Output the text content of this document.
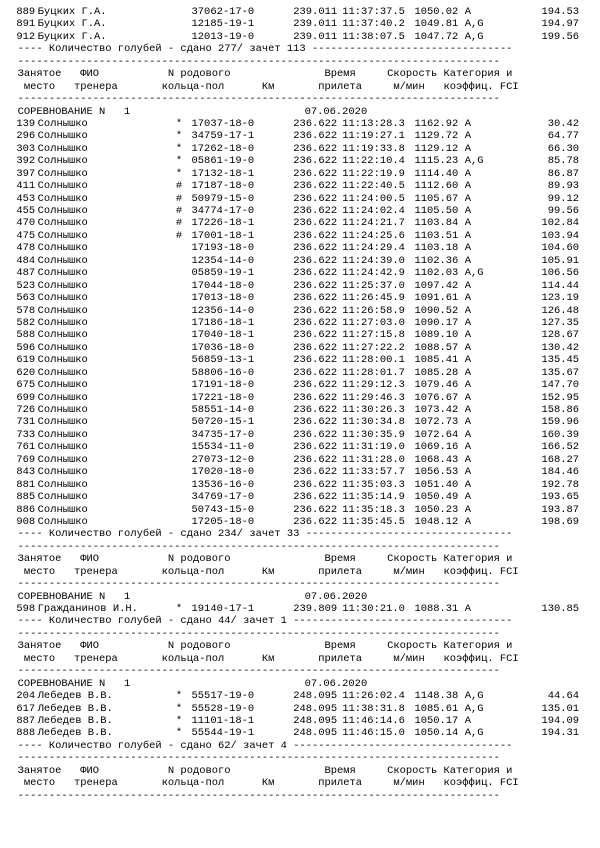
889 Буцких Г.А.	37062-17-0	239.011 11:37:37.5 1050.02 A	194.53
891 Буцких Г.А.	12185-19-1	239.011 11:37:40.2 1049.81 A,G	194.97
912 Буцких Г.А.	12013-19-0	239.011 11:38:07.5 1047.72 A,G	199.56
---- Количество голубей - сдано 277/ зачет 113 --------------------------------
-----------------------------------------------------------------------------
Занятое   ФИО           N родового               Время     Скорость Категория и
место   тренера       кольца-пол      Км       прилета     м/мин   коэффиц. FCI
-----------------------------------------------------------------------------
СОРЕВНОВАНИЕ N   1	07.06.2020
139 Солнышко	* 17037-18-0	236.622 11:13:28.3 1162.92 A	30.42
296 Солнышко	* 34759-17-1	236.622 11:19:27.1 1129.72 A	64.77
303 Солнышко	* 17262-18-0	236.622 11:19:33.8 1129.12 A	66.30
392 Солнышко	* 05861-19-0	236.622 11:22:10.4 1115.23 A,G	85.78
397 Солнышко	* 17132-18-1	236.622 11:22:19.9 1114.40 A	86.87
411 Солнышко	# 17187-18-0	236.622 11:22:40.5 1112.60 A	89.93
453 Солнышко	# 50979-15-0	236.622 11:24:00.5 1105.67 A	99.12
455 Солнышко	# 34774-17-0	236.622 11:24:02.4 1105.50 A	99.56
470 Солнышко	# 17226-18-1	236.622 11:24:21.7 1103.84 A	102.84
475 Солнышко	# 17001-18-1	236.622 11:24:25.6 1103.51 A	103.94
478 Солнышко	17193-18-0	236.622 11:24:29.4 1103.18 A	104.60
484 Солнышко	12354-14-0	236.622 11:24:39.0 1102.36 A	105.91
487 Солнышко	05859-19-1	236.622 11:24:42.9 1102.03 A,G	106.56
523 Солнышко	17044-18-0	236.622 11:25:37.0 1097.42 A	114.44
563 Солнышко	17013-18-0	236.622 11:26:45.9 1091.61 A	123.19
578 Солнышко	12356-14-0	236.622 11:26:58.9 1090.52 A	126.48
582 Солнышко	17186-18-1	236.622 11:27:03.0 1090.17 A	127.35
588 Солнышко	17040-18-1	236.622 11:27:15.8 1089.10 A	128.67
596 Солнышко	17036-18-0	236.622 11:27:22.2 1088.57 A	130.42
619 Солнышко	56859-13-1	236.622 11:28:00.1 1085.41 A	135.45
620 Солнышко	58806-16-0	236.622 11:28:01.7 1085.28 A	135.67
675 Солнышко	17191-18-0	236.622 11:29:12.3 1079.46 A	147.70
699 Солнышко	17221-18-0	236.622 11:29:46.3 1076.67 A	152.95
726 Солнышко	58551-14-0	236.622 11:30:26.3 1073.42 A	158.86
731 Солнышко	50720-15-1	236.622 11:30:34.8 1072.73 A	159.96
733 Солнышко	34735-17-0	236.622 11:30:35.9 1072.64 A	160.39
761 Солнышко	15534-11-0	236.622 11:31:19.0 1069.16 A	166.52
769 Солнышко	27073-12-0	236.622 11:31:28.0 1068.43 A	168.27
843 Солнышко	17020-18-0	236.622 11:33:57.7 1056.53 A	184.46
881 Солнышко	13536-16-0	236.622 11:35:03.3 1051.40 A	192.78
885 Солнышко	34769-17-0	236.622 11:35:14.9 1050.49 A	193.65
886 Солнышко	50743-15-0	236.622 11:35:18.3 1050.23 A	193.87
908 Солнышко	17205-18-0	236.622 11:35:45.5 1048.12 A	198.69
---- Количество голубей - сдано 234/ зачет 33 ---------------------------------
-----------------------------------------------------------------------------
Занятое   ФИО           N родового               Время     Скорость Категория и
место   тренера       кольца-пол      Км       прилета     м/мин   коэффиц. FCI
-----------------------------------------------------------------------------
СОРЕВНОВАНИЕ N   1	07.06.2020
598 Гражданинов И.Н.	* 19140-17-1	239.809 11:30:21.0 1088.31 A	130.85
---- Количество голубей - сдано 44/ зачет 1 -----------------------------------
-----------------------------------------------------------------------------
Занятое   ФИО           N родового               Время     Скорость Категория и
место   тренера       кольца-пол      Км       прилета     м/мин   коэффиц. FCI
-----------------------------------------------------------------------------
СОРЕВНОВАНИЕ N   1	07.06.2020
204 Лебедев В.В.	* 55517-19-0	248.095 11:26:02.4 1148.38 A,G	44.64
617 Лебедев В.В.	* 55528-19-0	248.095 11:38:31.8 1085.61 A,G	135.01
887 Лебедев В.В.	* 11101-18-1	248.095 11:46:14.6 1050.17 A	194.09
888 Лебедев В.В.	* 55544-19-1	248.095 11:46:15.0 1050.14 A,G	194.31
---- Количество голубей - сдано 62/ зачет 4 -----------------------------------
-----------------------------------------------------------------------------
Занятое   ФИО           N родового               Время     Скорость Категория и
место   тренера       кольца-пол      Км       прилета     м/мин   коэффиц. FCI
-----------------------------------------------------------------------------
